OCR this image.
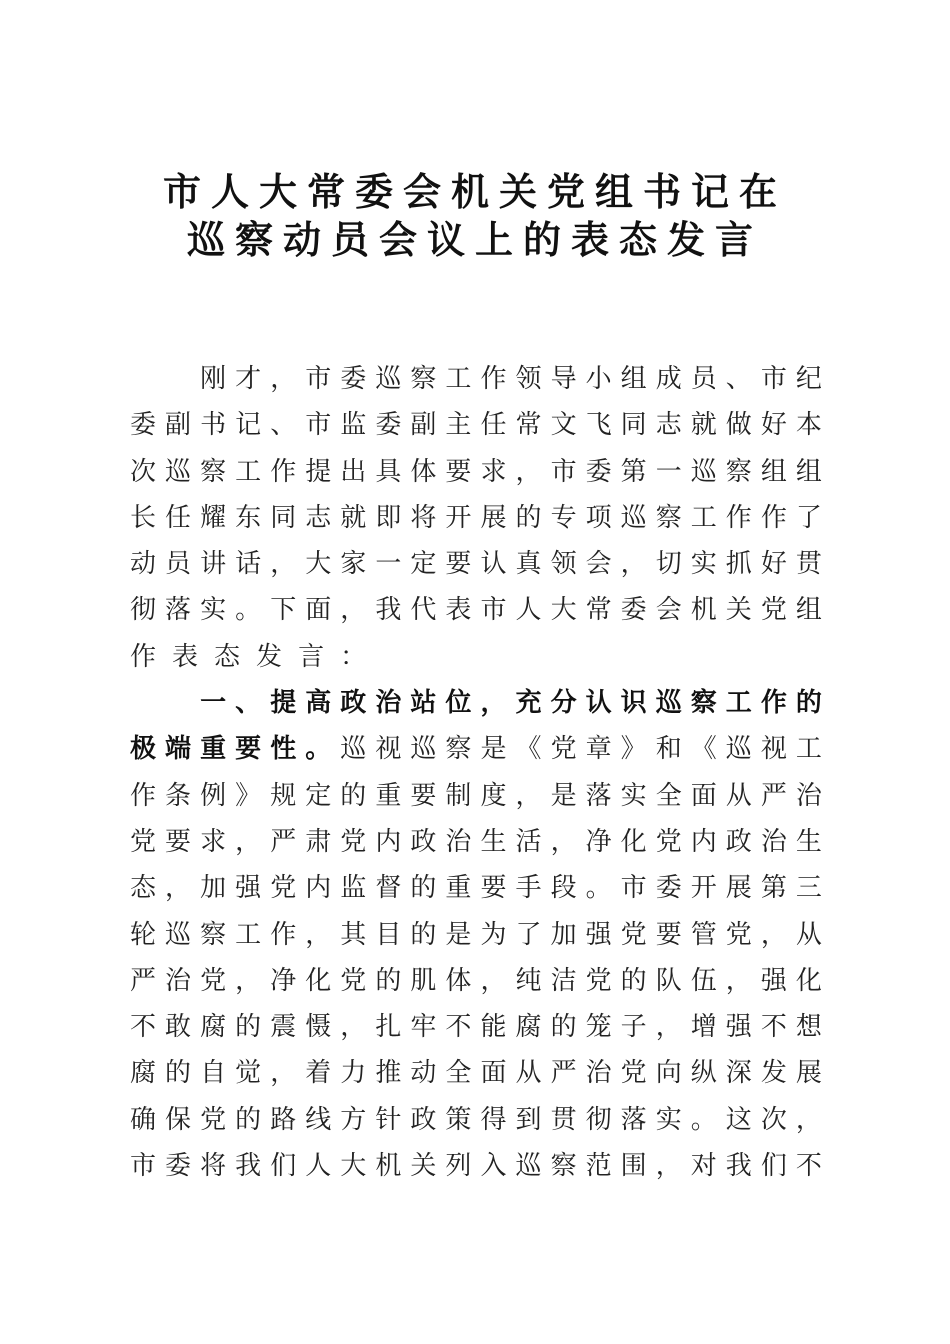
市人大常委会机关党组书记在
巡察动员会议上的表态发言

刚 才 ， 市 委 巡 察 工 作 领 导 小 组 成 员 、 市 纪
委 副 书 记 、 市 监 委 副 主 任 常 文 飞 同 志 就 做 好 本
次 巡 察 工 作 提 出 具 体 要 求 ， 市 委 第 一 巡 察 组 组
长 任 耀 东 同 志 就 即 将 开 展 的 专 项 巡 察 工 作 作 了
动 员 讲 话 ， 大 家 一 定 要 认 真 领 会 ， 切 实 抓 好 贯
彻 落 实 。 下 面 ， 我 代 表 市 人 大 常 委 会 机 关 党 组
作 表 态 发 言 ：

一 、 提 高 政 治 站 位 ， 充 分 认 识 巡 察 工 作 的
极 端 重 要 性 。 巡 视 巡 察 是 《 党 章 》 和 《 巡 视 工
作 条 例 》 规 定 的 重 要 制 度 ， 是 落 实 全 面 从 严 治
党 要 求 ， 严 肃 党 内 政 治 生 活 ， 净 化 党 内 政 治 生
态 ， 加 强 党 内 监 督 的 重 要 手 段 。 市 委 开 展 第 三
轮 巡 察 工 作 ， 其 目 的 是 为 了 加 强 党 要 管 党 ， 从
严 治 党 ， 净 化 党 的 肌 体 ， 纯 洁 党 的 队 伍 ， 强 化
不 敢 腐 的 震 慑 ， 扎 牢 不 能 腐 的 笼 子 ， 增 强 不 想
腐 的 自 觉 ， 着 力 推 动 全 面 从 严 治 党 向 纵 深 发 展
确 保 党 的 路 线 方 针 政 策 得 到 贯 彻 落 实 。 这 次 ，
市 委 将 我 们 人 大 机 关 列 入 巡 察 范 围 ， 对 我 们 不
